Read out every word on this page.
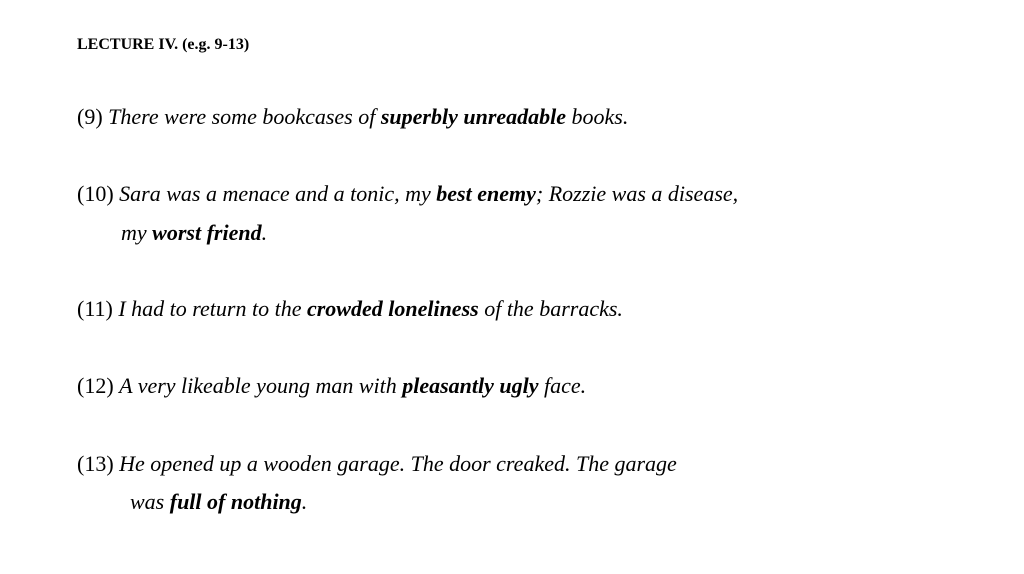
LECTURE IV. (e.g. 9-13)
(9) There were some bookcases of superbly unreadable books.
(10) Sara was a menace and a tonic, my best enemy; Rozzie was a disease,
my worst friend.
(11) I had to return to the crowded loneliness of the barracks.
(12) A very likeable young man with pleasantly ugly face.
(13) He opened up a wooden garage. The door creaked. The garage
was full of nothing.
